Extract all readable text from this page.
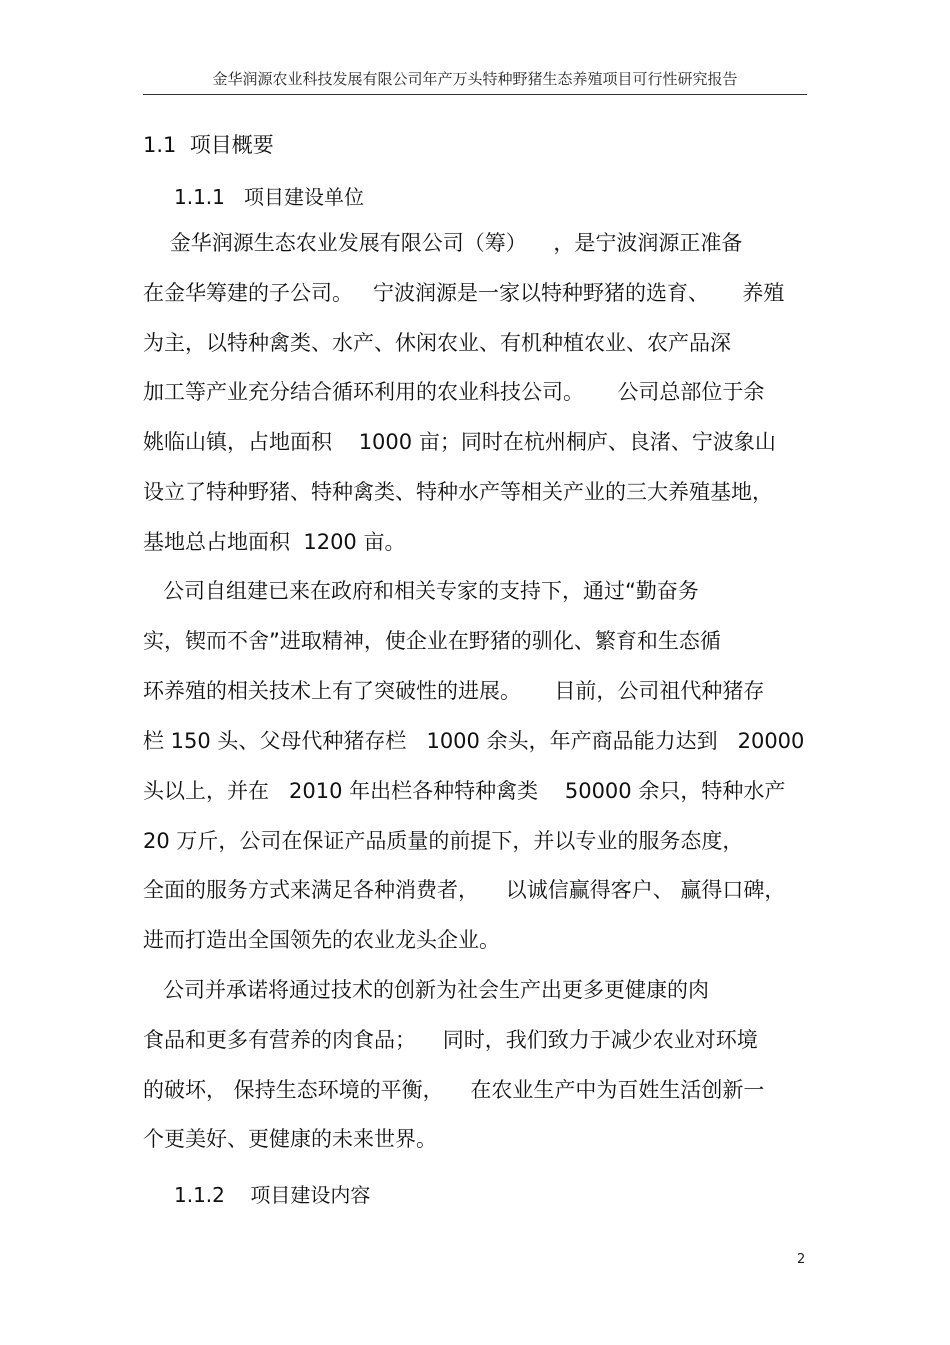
金华润源农业科技发展有限公司年产万头特种野猪生态养殖项目可行性研究报告
1.1 项目概要
1.1.1 项目建设单位
金华润源生态农业发展有限公司（筹）    ，是宁波润源正准备
在金华筹建的子公司。   宁波润源是一家以特种野猪的选育、     养殖
为主，以特种禽类、水产、休闲农业、有机种植农业、农产品深
加工等产业充分结合循环利用的农业科技公司。     公司总部位于余
姚临山镇，占地面积    1000 亩；同时在杭州桐庐、良渚、宁波象山
设立了特种野猪、特种禽类、特种水产等相关产业的三大养殖基地，
基地总占地面积  1200 亩。
公司自组建已来在政府和相关专家的支持下，通过“勤奋务
实，锲而不舍”进取精神，使企业在野猪的驯化、繁育和生态循
环养殖的相关技术上有了突破性的进展。     目前，公司祖代种猪存
栏 150 头、父母代种猪存栏   1000 余头，年产商品能力达到   20000
头以上，并在   2010 年出栏各种特种禽类    50000 余只，特种水产
20 万斤，公司在保证产品质量的前提下，并以专业的服务态度，
全面的服务方式来满足各种消费者，    以诚信赢得客户、 赢得口碑，
进而打造出全国领先的农业龙头企业。
公司并承诺将通过技术的创新为社会生产出更多更健康的肉
食品和更多有营养的肉食品；    同时，我们致力于减少农业对环境
的破坏， 保持生态环境的平衡，    在农业生产中为百姓生活创新一
个更美好、更健康的未来世界。
1.1.2 项目建设内容
2
